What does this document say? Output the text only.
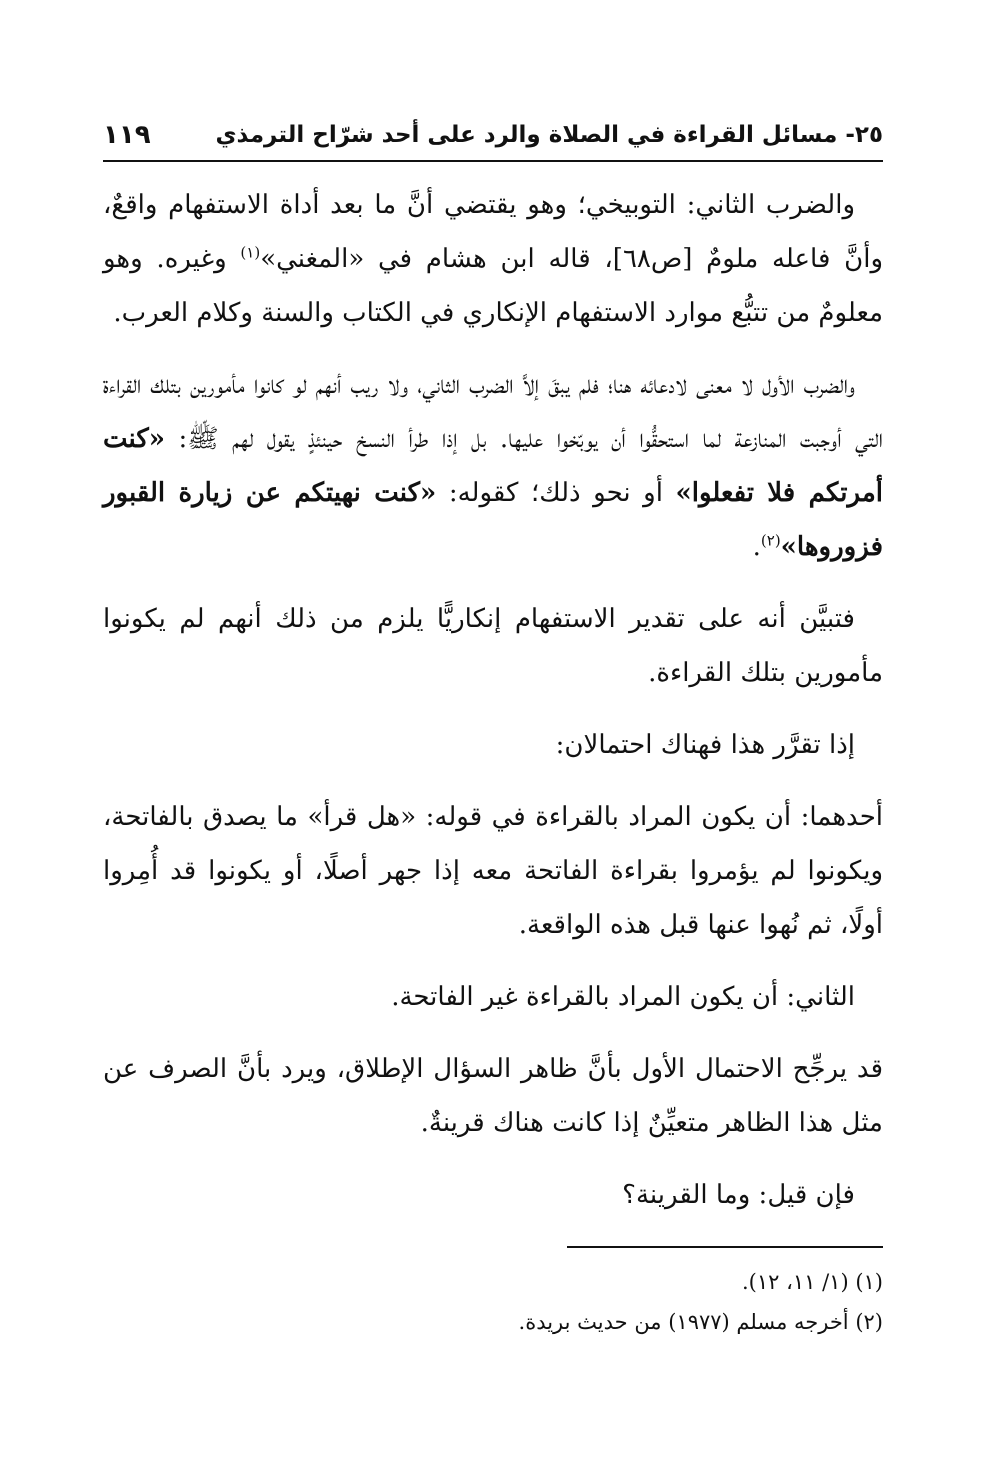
٢٥- مسائل القراءة في الصلاة والرد على أحد شرّاح الترمذي
١١٩

والضرب الثاني: التوبيخي؛ وهو يقتضي أنَّ ما بعد أداة الاستفهام واقعٌ، وأنَّ فاعله ملومٌ [ص٦٨]، قاله ابن هشام في «المغني»$^{(١)}$ وغيره. وهو معلومٌ من تتبُّع موارد الاستفهام الإنكاري في الكتاب والسنة وكلام العرب.

والضرب الأول لا معنى لادعائه هنا؛ فلم يبقَ إلاَّ الضرب الثاني، ولا ريب أنهم لو كانوا مأمورين بتلك القراءة التي أوجبت المنازعة لما استحقُّوا أن يوبّخوا عليها. بل إذا طرأ النسخ حينئذٍ يقول لهم ﷺ: «كنت أمرتكم فلا تفعلوا» أو نحو ذلك؛ كقوله: «كنت نهيتكم عن زيارة القبور فزوروها»$^{(٢)}$.

فتبيَّن أنه على تقدير الاستفهام إنكاريًّا يلزم من ذلك أنهم لم يكونوا مأمورين بتلك القراءة.

إذا تقرَّر هذا فهناك احتمالان:

أحدهما: أن يكون المراد بالقراءة في قوله: «هل قرأ» ما يصدق بالفاتحة، ويكونوا لم يؤمروا بقراءة الفاتحة معه إذا جهر أصلًا، أو يكونوا قد أُمِروا أولًا، ثم نُهوا عنها قبل هذه الواقعة.

الثاني: أن يكون المراد بالقراءة غير الفاتحة.

قد يرجِّح الاحتمال الأول بأنَّ ظاهر السؤال الإطلاق، ويرد بأنَّ الصرف عن مثل هذا الظاهر متعيِّنٌ إذا كانت هناك قرينةٌ.

فإن قيل: وما القرينة؟

(١) (١/ ١١، ١٢).
(٢) أخرجه مسلم (١٩٧٧) من حديث بريدة.
